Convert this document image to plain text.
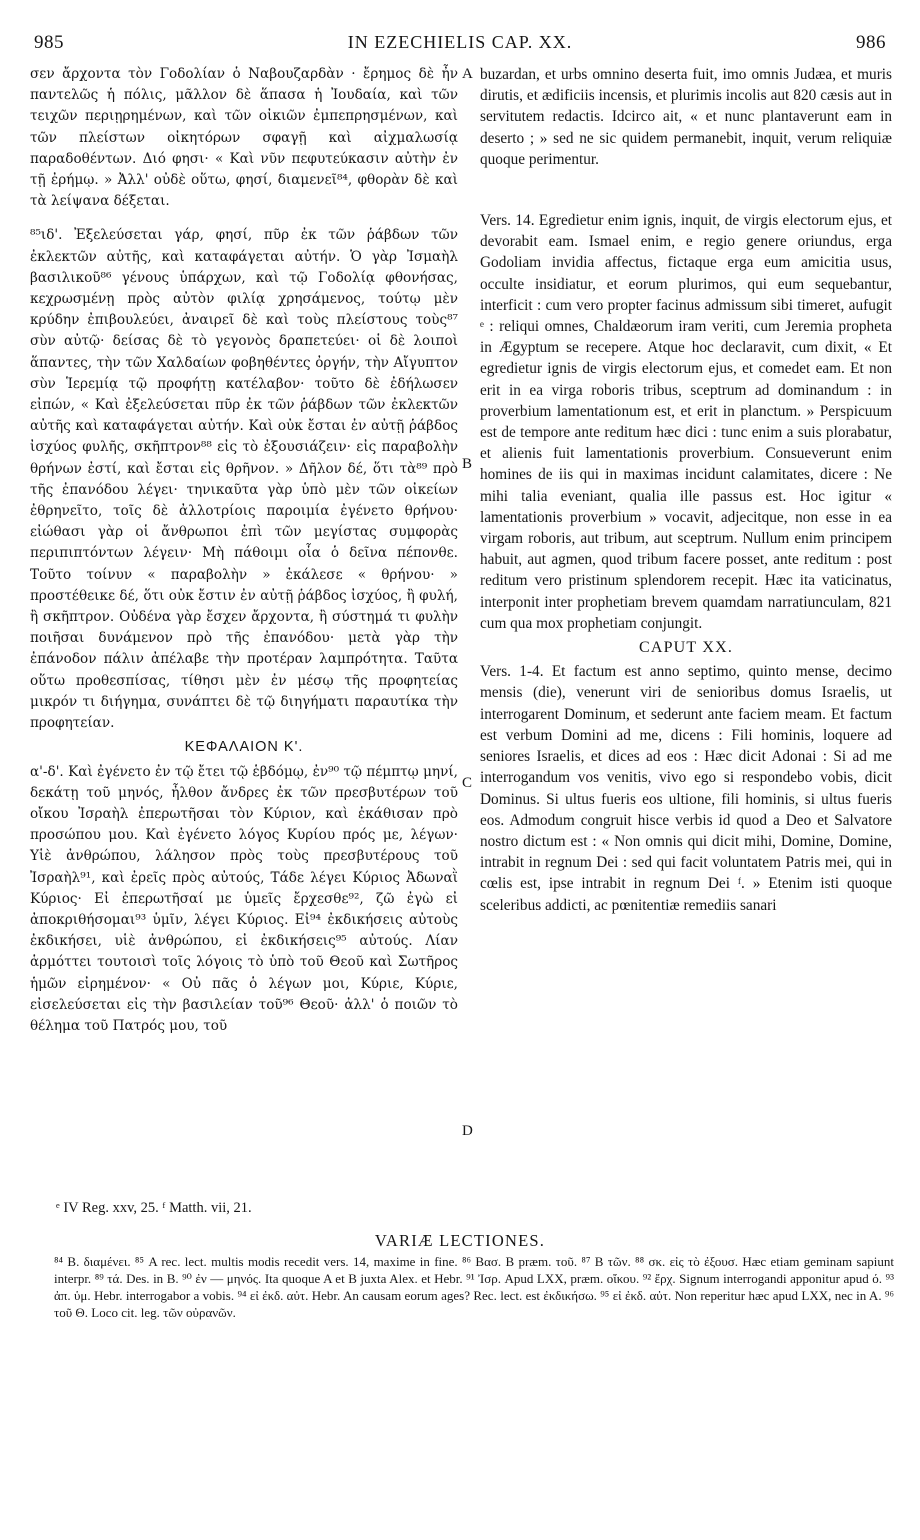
985	IN EZECHIELIS CAP. XX.	986

σεν ἄρχοντα τὸν Γοδολίαν ὁ Ναβουζαρδὰν · ἔρημος δὲ ἦν παντελῶς ἡ πόλις, μᾶλλον δὲ ἅπασα ἡ Ἰουδαία, καὶ τῶν τειχῶν περιῃρημένων, καὶ τῶν οἰκιῶν ἐμπεπρησμένων, καὶ τῶν πλείστων οἰκητόρων σφαγῇ καὶ αἰχμαλωσίᾳ παραδοθέντων. Διό φησι· « Καὶ νῦν πεφυτεύκασιν αὐτὴν ἐν τῇ ἐρήμῳ. » Ἀλλ' οὐδὲ οὕτω, φησί, διαμενεῖ⁸⁴, φθορὰν δὲ καὶ τὰ λείψανα δέξεται.

⁸⁵ιδ'. Ἐξελεύσεται γάρ, φησί, πῦρ ἐκ τῶν ῥάβδων τῶν ἐκλεκτῶν αὐτῆς, καὶ καταφάγεται αὐτήν. Ὁ γὰρ Ἰσμαὴλ βασιλικοῦ⁸⁶ γένους ὑπάρχων, καὶ τῷ Γοδολίᾳ φθονήσας, κεχρωσμένῃ πρὸς αὐτὸν φιλίᾳ χρησάμενος, τούτῳ μὲν κρύδην ἐπιβουλεύει, ἀναιρεῖ δὲ καὶ τοὺς πλείστους τοὺς⁸⁷ σὺν αὐτῷ· δείσας δὲ τὸ γεγονὸς δραπετεύει· οἱ δὲ λοιποὶ ἅπαντες, τὴν τῶν Χαλδαίων φοβηθέντες ὀργήν, τὴν Αἴγυπτον σὺν Ἱερεμίᾳ τῷ προφήτῃ κατέλαβον· τοῦτο δὲ ἐδήλωσεν εἰπών, « Καὶ ἐξελεύσεται πῦρ ἐκ τῶν ῥάβδων τῶν ἐκλεκτῶν αὐτῆς καὶ καταφάγεται αὐτήν. Καὶ οὐκ ἔσται ἐν αὐτῇ ῥάβδος ἰσχύος φυλῆς, σκῆπτρον⁸⁸ εἰς τὸ ἐξουσιάζειν· εἰς παραβολὴν θρήνων ἐστί, καὶ ἔσται εἰς θρῆνον. » Δῆλον δέ, ὅτι τὰ⁸⁹ πρὸ τῆς ἐπανόδου λέγει· τηνικαῦτα γὰρ ὑπὸ μὲν τῶν οἰκείων ἐθρηνεῖτο, τοῖς δὲ ἀλλοτρίοις παροιμία ἐγένετο θρήνου· εἰώθασι γὰρ οἱ ἄνθρωποι ἐπὶ τῶν μεγίστας συμφορὰς περιπιπτόντων λέγειν· Μὴ πάθοιμι οἷα ὁ δεῖνα πέπονθε. Τοῦτο τοίνυν « παραβολὴν » ἐκάλεσε « θρήνου· » προστέθεικε δέ, ὅτι οὐκ ἔστιν ἐν αὐτῇ ῥάβδος ἰσχύος, ἢ φυλή, ἢ σκῆπτρον. Οὐδένα γὰρ ἔσχεν ἄρχοντα, ἢ σύστημά τι φυλὴν ποιῆσαι δυνάμενον πρὸ τῆς ἐπανόδου· μετὰ γὰρ τὴν ἐπάνοδον πάλιν ἀπέλαβε τὴν προτέραν λαμπρότητα. Ταῦτα οὕτω προθεσπίσας, τίθησι μὲν ἐν μέσῳ τῆς προφητείας μικρόν τι διήγημα, συνάπτει δὲ τῷ διηγήματι παραυτίκα τὴν προφητείαν.

ΚΕΦΑΛΑΙΟΝ Κ'.

α'-δ'. Καὶ ἐγένετο ἐν τῷ ἔτει τῷ ἑβδόμῳ, ἐν⁹⁰ τῷ πέμπτῳ μηνί, δεκάτῃ τοῦ μηνός, ἦλθον ἄνδρες ἐκ τῶν πρεσβυτέρων τοῦ οἴκου Ἰσραὴλ ἐπερωτῆσαι τὸν Κύριον, καὶ ἐκάθισαν πρὸ προσώπου μου. Καὶ ἐγένετο λόγος Κυρίου πρός με, λέγων· Υἱὲ ἀνθρώπου, λάλησον πρὸς τοὺς πρεσβυτέρους τοῦ Ἰσραὴλ⁹¹, καὶ ἐρεῖς πρὸς αὐτούς, Τάδε λέγει Κύριος Ἀδωναῒ Κύριος· Εἰ ἐπερωτῆσαί με ὑμεῖς ἔρχεσθε⁹², ζῶ ἐγὼ εἰ ἀποκριθήσομαι⁹³ ὑμῖν, λέγει Κύριος. Εἰ⁹⁴ ἐκδικήσεις αὐτοὺς ἐκδικήσει, υἱὲ ἀνθρώπου, εἰ ἐκδικήσεις⁹⁵ αὐτούς. Λίαν ἁρμόττει τουτοισὶ τοῖς λόγοις τὸ ὑπὸ τοῦ Θεοῦ καὶ Σωτῆρος ἡμῶν εἰρημένον· « Οὐ πᾶς ὁ λέγων μοι, Κύριε, Κύριε, εἰσελεύσεται εἰς τὴν βασιλείαν τοῦ⁹⁶ Θεοῦ· ἀλλ' ὁ ποιῶν τὸ θέλημα τοῦ Πατρός μου, τοῦ

buzardan, et urbs omnino deserta fuit, imo omnis Judæa, et muris dirutis, et ædificiis incensis, et plurimis incolis aut 820 cæsis aut in servitutem redactis. Idcirco ait, « et nunc plantaverunt eam in deserto ; » sed ne sic quidem permanebit, inquit, verum reliquiæ quoque perimentur.

Vers. 14. Egredietur enim ignis, inquit, de virgis electorum ejus, et devorabit eam. Ismael enim, e regio genere oriundus, erga Godoliam invidia affectus, fictaque erga eum amicitia usus, occulte insidiatur, et eorum plurimos, qui eum sequebantur, interficit : cum vero propter facinus admissum sibi timeret, aufugit ᵉ : reliqui omnes, Chaldæorum iram veriti, cum Jeremia propheta in Ægyptum se recepere. Atque hoc declaravit, cum dixit, « Et egredietur ignis de virgis electorum ejus, et comedet eam. Et non erit in ea virga roboris tribus, sceptrum ad dominandum : in proverbium lamentationum est, et erit in planctum. » Perspicuum est de tempore ante reditum hæc dici : tunc enim a suis plorabatur, et alienis fuit lamentationis proverbium. Consueverunt enim homines de iis qui in maximas incidunt calamitates, dicere : Ne mihi talia eveniant, qualia ille passus est. Hoc igitur « lamentationis proverbium » vocavit, adjecitque, non esse in ea virgam roboris, aut tribum, aut sceptrum. Nullum enim principem habuit, aut agmen, quod tribum facere posset, ante reditum : post reditum vero pristinum splendorem recepit. Hæc ita vaticinatus, interponit inter prophetiam brevem quamdam narratiunculam, 821 cum qua mox prophetiam conjungit.

CAPUT XX.

Vers. 1-4. Et factum est anno septimo, quinto mense, decimo mensis (die), venerunt viri de senioribus domus Israelis, ut interrogarent Dominum, et sederunt ante faciem meam. Et factum est verbum Domini ad me, dicens : Fili hominis, loquere ad seniores Israelis, et dices ad eos : Hæc dicit Adonai : Si ad me interrogandum vos venitis, vivo ego si respondebo vobis, dicit Dominus. Si ultus fueris eos ultione, fili hominis, si ultus fueris eos. Admodum congruit hisce verbis id quod a Deo et Salvatore nostro dictum est : « Non omnis qui dicit mihi, Domine, Domine, intrabit in regnum Dei : sed qui facit voluntatem Patris mei, qui in cœlis est, ipse intrabit in regnum Dei ᶠ. » Etenim isti quoque sceleribus addicti, ac pœnitentiæ remediis sanari

A
B
C
D
ᵉ IV Reg. xxv, 25. ᶠ Matth. vii, 21.
VARIÆ LECTIONES.
⁸⁴ B. διαμένει. ⁸⁵ A rec. lect. multis modis recedit vers. 14, maxime in fine. ⁸⁶ Βασ. B præm. τοῦ. ⁸⁷ B τῶν. ⁸⁸ σκ. εἰς τὸ ἐξουσ. Hæc etiam geminam sapiunt interpr. ⁸⁹ τά. Des. in B. ⁹⁰ ἐν — μηνός. Ita quoque A et B juxta Alex. et Hebr. ⁹¹ Ἰσρ. Apud LXX, præm. οἴκου. ⁹² ἔρχ. Signum interrogandi apponitur apud ό. ⁹³ ἀπ. ὑμ. Hebr. interrogabor a vobis. ⁹⁴ εἰ ἐκδ. αὐτ. Hebr. An causam eorum ages? Rec. lect. est ἐκδικήσω. ⁹⁵ εἰ ἐκδ. αὐτ. Non reperitur hæc apud LXX, nec in A. ⁹⁶ τοῦ Θ. Loco cit. leg. τῶν οὐρανῶν.
